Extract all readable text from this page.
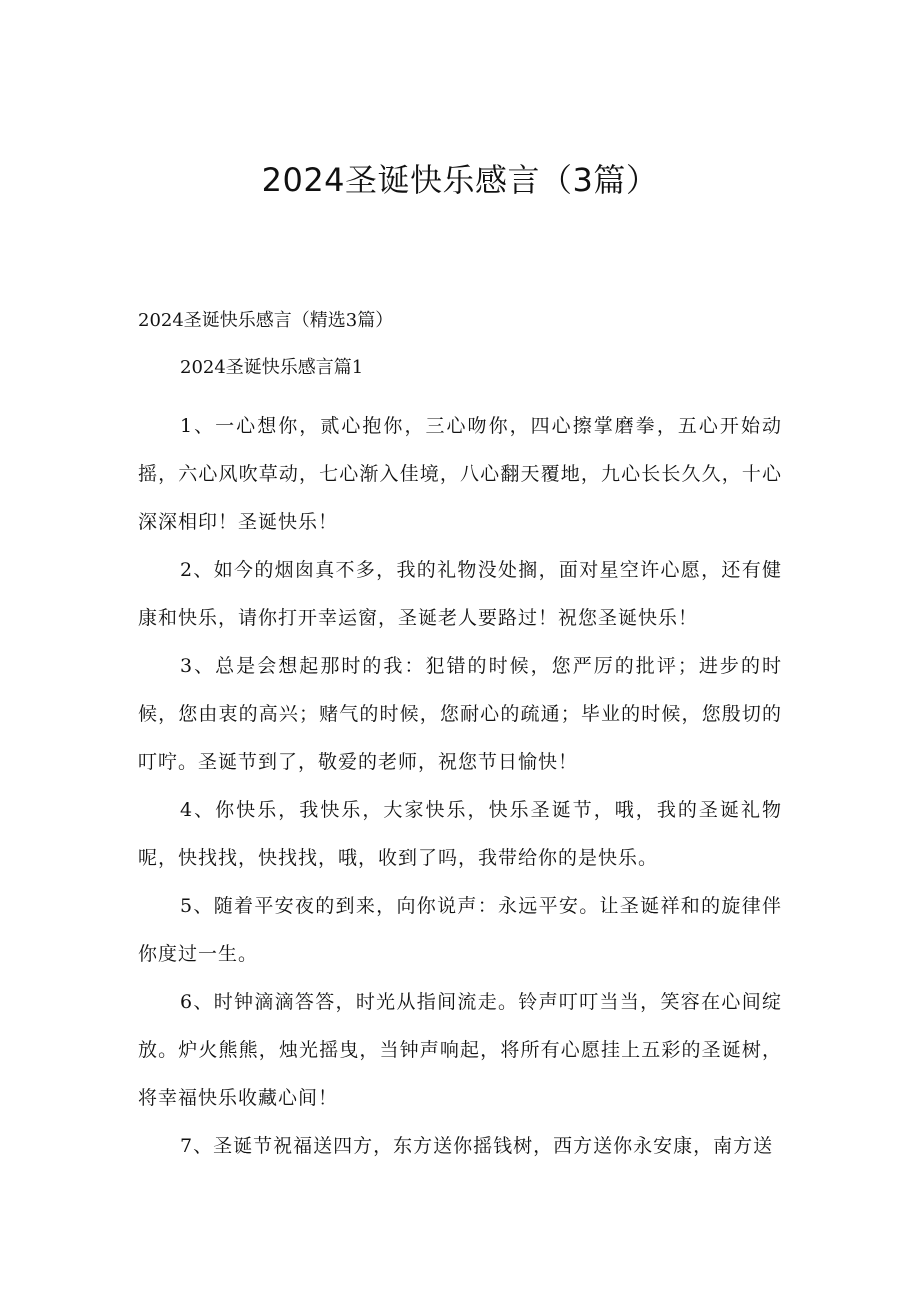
2024圣诞快乐感言（3篇）

2024圣诞快乐感言（精选3篇）

2024圣诞快乐感言篇1

1、一心想你，贰心抱你，三心吻你，四心擦掌磨拳，五心开始动摇，六心风吹草动，七心渐入佳境，八心翻天覆地，九心长长久久，十心深深相印！圣诞快乐！

2、如今的烟囱真不多，我的礼物没处搁，面对星空许心愿，还有健康和快乐，请你打开幸运窗，圣诞老人要路过！祝您圣诞快乐！

3、总是会想起那时的我：犯错的时候，您严厉的批评；进步的时候，您由衷的高兴；赌气的时候，您耐心的疏通；毕业的时候，您殷切的叮咛。圣诞节到了，敬爱的老师，祝您节日愉快！

4、你快乐，我快乐，大家快乐，快乐圣诞节，哦，我的圣诞礼物呢，快找找，快找找，哦，收到了吗，我带给你的是快乐。

5、随着平安夜的到来，向你说声：永远平安。让圣诞祥和的旋律伴你度过一生。

6、时钟滴滴答答，时光从指间流走。铃声叮叮当当，笑容在心间绽放。炉火熊熊，烛光摇曳，当钟声响起，将所有心愿挂上五彩的圣诞树，将幸福快乐收藏心间！

7、圣诞节祝福送四方，东方送你摇钱树，西方送你永安康，南方送
